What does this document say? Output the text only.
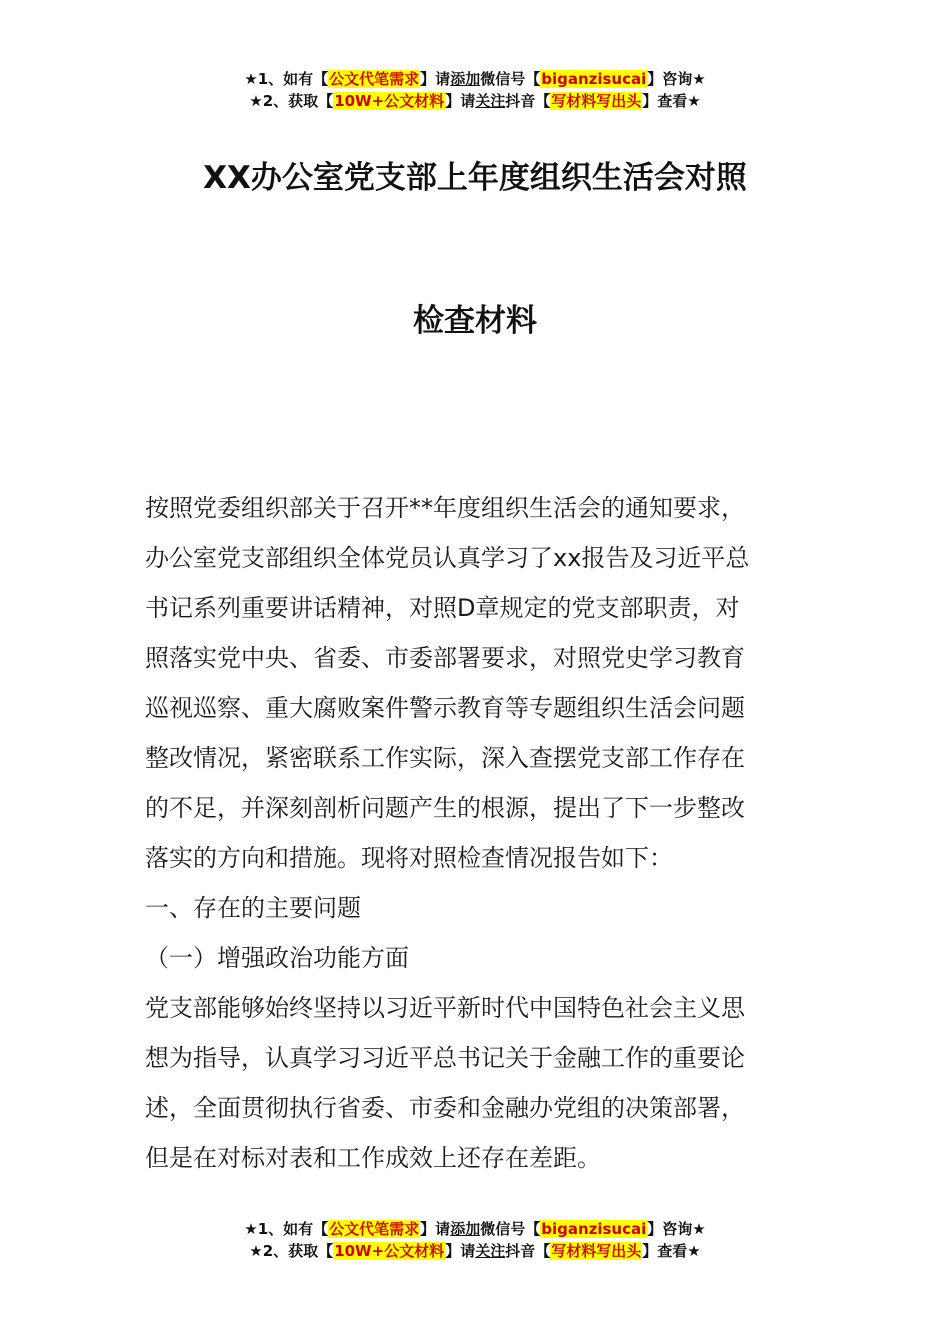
★1、如有【公文代笔需求】请添加微信号【biganzisucai】咨询★
★2、获取【10W+公文材料】请关注抖音【写材料写出头】查看★
XX办公室党支部上年度组织生活会对照
检查材料

按照党委组织部关于召开**年度组织生活会的通知要求，
办公室党支部组织全体党员认真学习了xx报告及习近平总
书记系列重要讲话精神，对照D章规定的党支部职责，对
照落实党中央、省委、市委部署要求，对照党史学习教育
巡视巡察、重大腐败案件警示教育等专题组织生活会问题
整改情况，紧密联系工作实际，深入查摆党支部工作存在
的不足，并深刻剖析问题产生的根源，提出了下一步整改
落实的方向和措施。现将对照检查情况报告如下：

一、存在的主要问题

（一）增强政治功能方面

党支部能够始终坚持以习近平新时代中国特色社会主义思
想为指导，认真学习习近平总书记关于金融工作的重要论
述，全面贯彻执行省委、市委和金融办党组的决策部署，
但是在对标对表和工作成效上还存在差距。

★1、如有【公文代笔需求】请添加微信号【biganzisucai】咨询★
★2、获取【10W+公文材料】请关注抖音【写材料写出头】查看★
